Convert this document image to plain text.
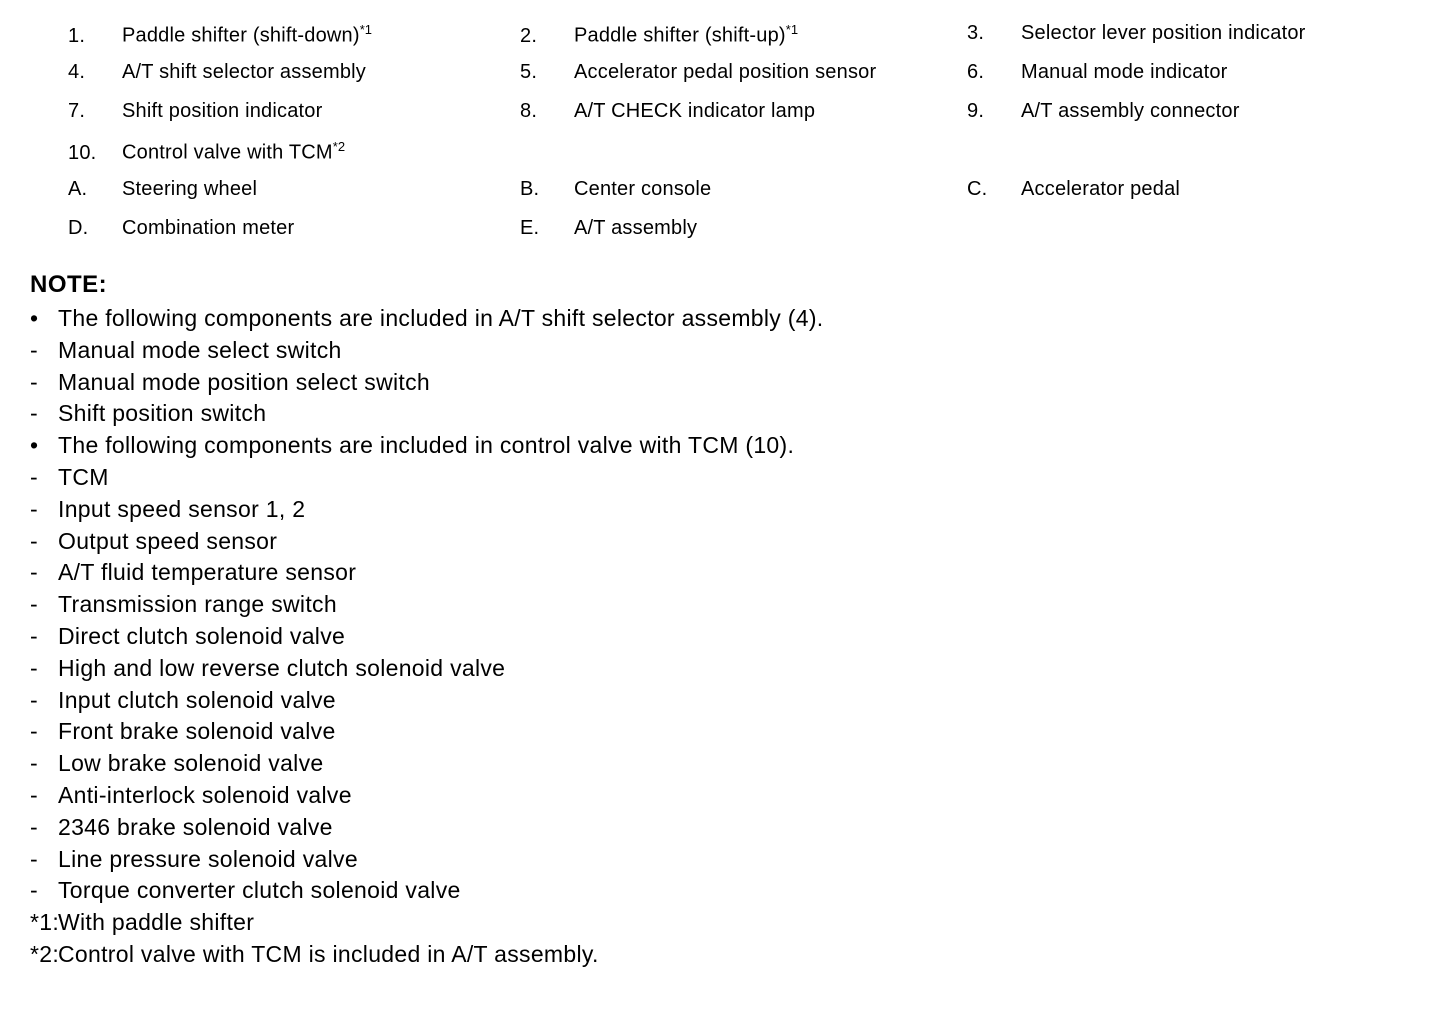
1.	Paddle shifter (shift-down)$^{*1}$	2.	Paddle shifter (shift-up)$^{*1}$	3.	Selector lever position indicator
4.	A/T shift selector assembly	5.	Accelerator pedal position sensor	6.	Manual mode indicator
7.	Shift position indicator	8.	A/T CHECK indicator lamp	9.	A/T assembly connector
10.	Control valve with TCM$^{*2}$
A.	Steering wheel	B.	Center console	C.	Accelerator pedal
D.	Combination meter	E.	A/T assembly
NOTE:
• The following components are included in A/T shift selector assembly (4).
- Manual mode select switch
- Manual mode position select switch
- Shift position switch
• The following components are included in control valve with TCM (10).
- TCM
- Input speed sensor 1, 2
- Output speed sensor
- A/T fluid temperature sensor
- Transmission range switch
- Direct clutch solenoid valve
- High and low reverse clutch solenoid valve
- Input clutch solenoid valve
- Front brake solenoid valve
- Low brake solenoid valve
- Anti-interlock solenoid valve
- 2346 brake solenoid valve
- Line pressure solenoid valve
- Torque converter clutch solenoid valve
*1:
With paddle shifter
*2:
Control valve with TCM is included in A/T assembly.
